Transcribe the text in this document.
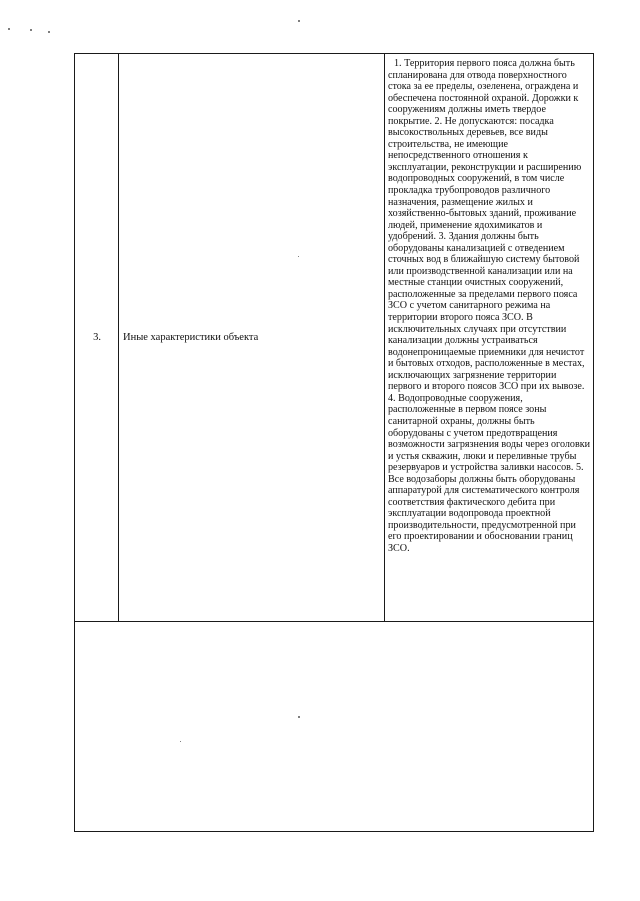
3.	Иные характеристики объекта
1. Территория первого пояса должна быть спланирована для отвода поверхностного стока за ее пределы, озеленена, ограждена и обеспечена постоянной охраной. Дорожки к сооружениям должны иметь твердое покрытие. 2. Не допускаются: посадка высокоствольных деревьев, все виды строительства, не имеющие непосредственного отношения к эксплуатации, реконструкции и расширению водопроводных сооружений, в том числе прокладка трубопроводов различного назначения, размещение жилых и хозяйственно-бытовых зданий, проживание людей, применение ядохимикатов и удобрений. 3. Здания должны быть оборудованы канализацией с отведением сточных вод в ближайшую систему бытовой или производственной канализации или на местные станции очистных сооружений, расположенные за пределами первого пояса ЗСО с учетом санитарного режима на территории второго пояса ЗСО. В исключительных случаях при отсутствии канализации должны устраиваться водонепроницаемые приемники для нечистот и бытовых отходов, расположенные в местах, исключающих загрязнение территории первого и второго поясов ЗСО при их вывозе. 4. Водопроводные сооружения, расположенные в первом поясе зоны санитарной охраны, должны быть оборудованы с учетом предотвращения возможности загрязнения воды через оголовки и устья скважин, люки и переливные трубы резервуаров и устройства заливки насосов. 5. Все водозаборы должны быть оборудованы аппаратурой для систематического контроля соответствия фактического дебита при эксплуатации водопровода проектной производительности, предусмотренной при его проектировании и обосновании границ ЗСО.
